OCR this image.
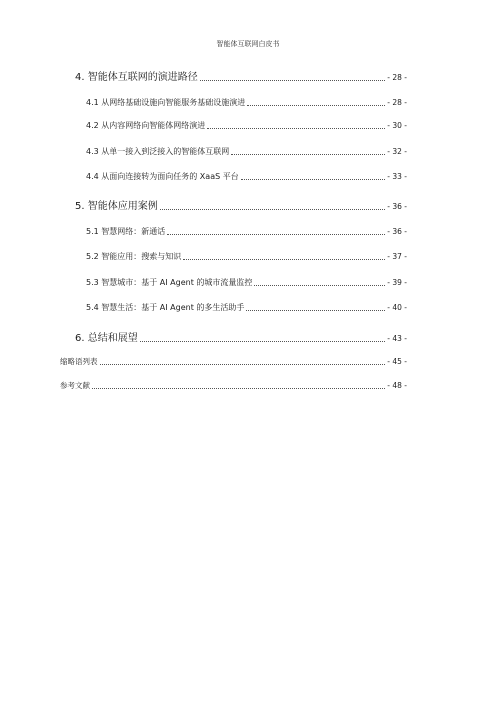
智能体互联网白皮书
4. 智能体互联网的演进路径	- 28 -
4.1 从网络基础设施向智能服务基础设施演进	- 28 -
4.2 从内容网络向智能体网络演进	- 30 -
4.3 从单一接入到泛接入的智能体互联网	- 32 -
4.4 从面向连接转为面向任务的 XaaS 平台	- 33 -
5. 智能体应用案例	- 36 -
5.1 智慧网络：新通话	- 36 -
5.2 智能应用：搜索与知识	- 37 -
5.3 智慧城市：基于 AI Agent 的城市流量监控	- 39 -
5.4 智慧生活：基于 AI Agent 的多生活助手	- 40 -
6. 总结和展望	- 43 -
缩略语列表	- 45 -
参考文献	- 48 -
